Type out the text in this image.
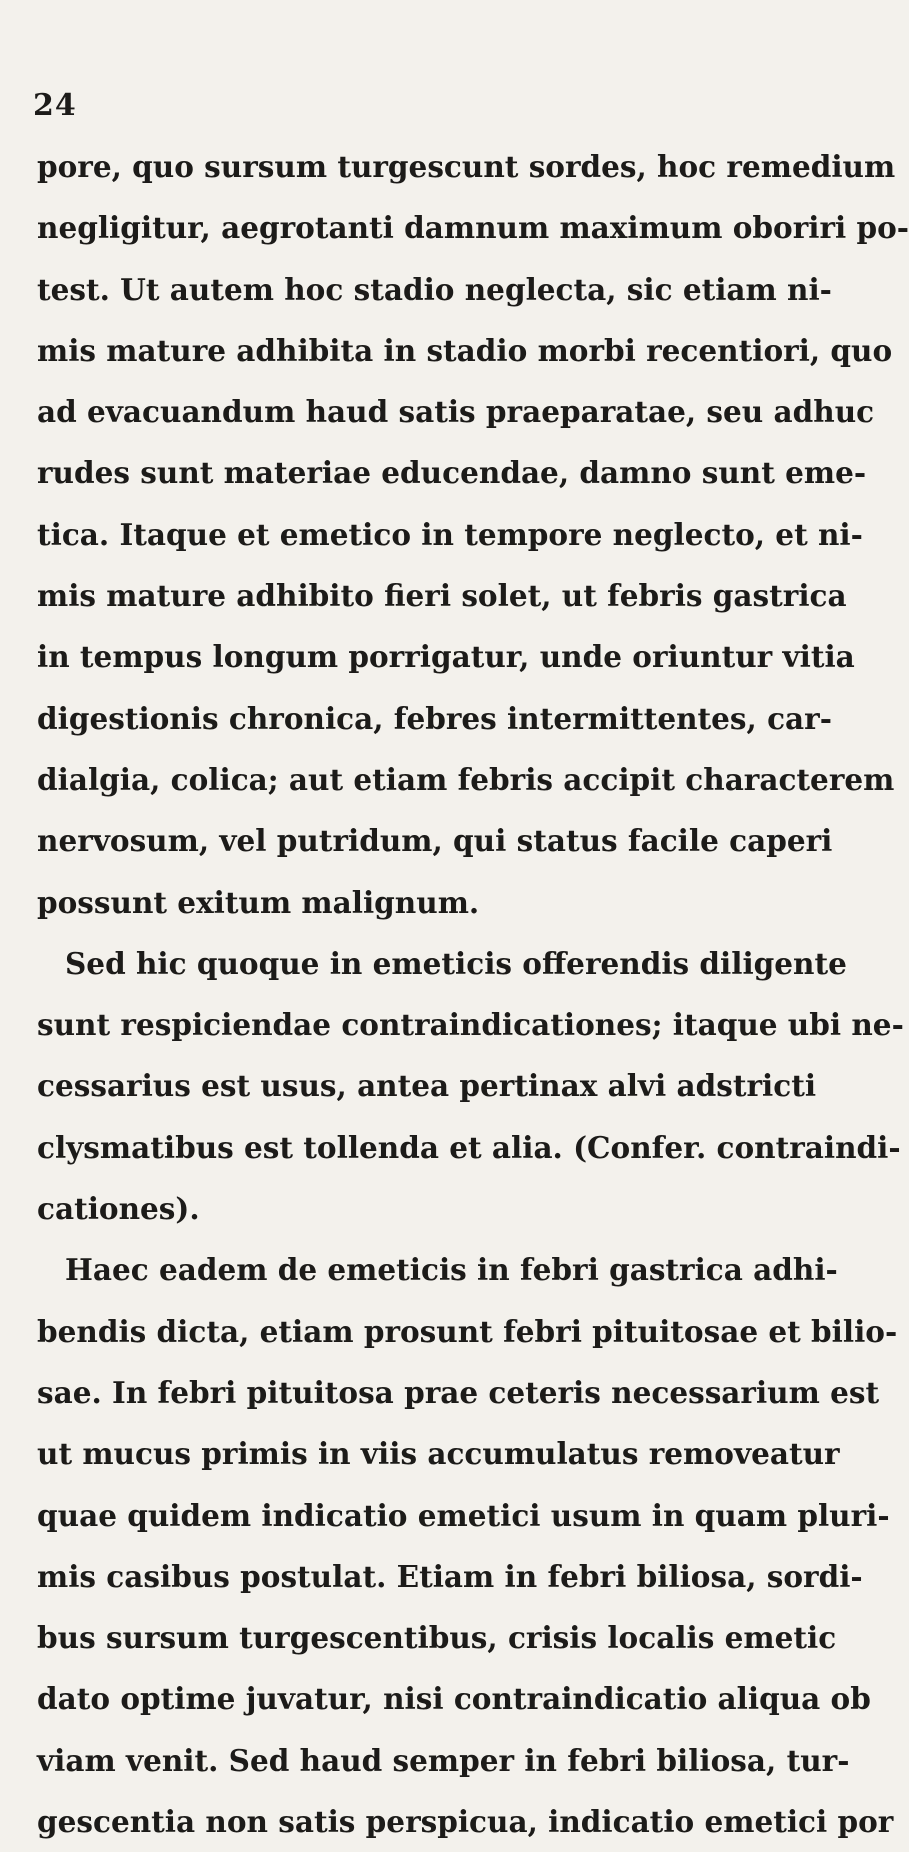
24
pore, quo sursum turgescunt sordes, hoc remedium
negligitur, aegrotanti damnum maximum oboriri po-
test. Ut autem hoc stadio neglecta, sic etiam ni-
mis mature adhibita in stadio morbi recentiori, quo
ad evacuandum haud satis praeparatae, seu adhuc
rudes sunt materiae educendae, damno sunt eme-
tica. Itaque et emetico in tempore neglecto, et ni-
mis mature adhibito fieri solet, ut febris gastrica
in tempus longum porrigatur, unde oriuntur vitia
digestionis chronica, febres intermittentes, car-
dialgia, colica; aut etiam febris accipit characterem
nervosum, vel putridum, qui status facile caperi
possunt exitum malignum.
Sed hic quoque in emeticis offerendis diligente
sunt respiciendae contraindicationes; itaque ubi ne-
cessarius est usus, antea pertinax alvi adstricti
clysmatibus est tollenda et alia. (Confer. contraindi-
cationes).
Haec eadem de emeticis in febri gastrica adhi-
bendis dicta, etiam prosunt febri pituitosae et bilio-
sae. In febri pituitosa prae ceteris necessarium est
ut mucus primis in viis accumulatus removeatur
quae quidem indicatio emetici usum in quam pluri-
mis casibus postulat. Etiam in febri biliosa, sordi-
bus sursum turgescentibus, crisis localis emetic
dato optime juvatur, nisi contraindicatio aliqua ob
viam venit. Sed haud semper in febri biliosa, tur-
gescentia non satis perspicua, indicatio emetici por
